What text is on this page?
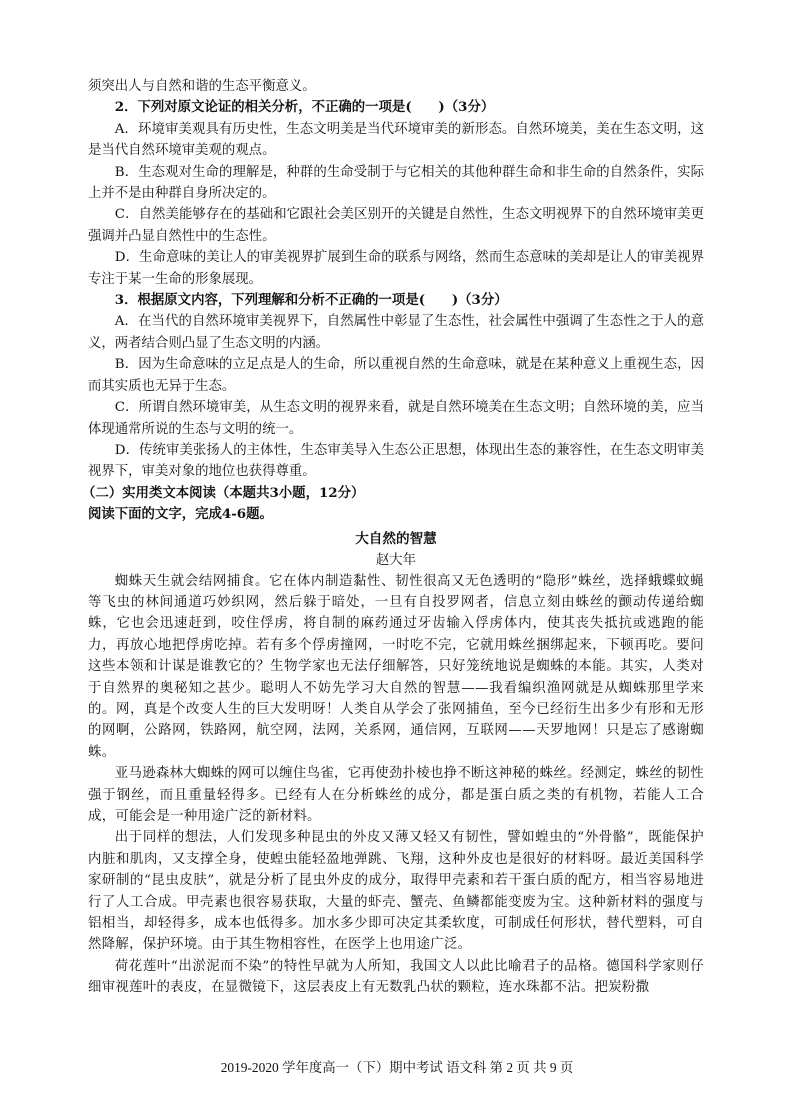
须突出人与自然和谐的生态平衡意义。

2．下列对原文论证的相关分析，不正确的一项是(　　)（3分）

A．环境审美观具有历史性，生态文明美是当代环境审美的新形态。自然环境美，美在生态文明，这是当代自然环境审美观的观点。

B．生态观对生命的理解是，种群的生命受制于与它相关的其他种群生命和非生命的自然条件，实际上并不是由种群自身所决定的。

C．自然美能够存在的基础和它跟社会美区别开的关键是自然性，生态文明视界下的自然环境审美更强调并凸显自然性中的生态性。

D．生命意味的美让人的审美视界扩展到生命的联系与网络，然而生态意味的美却是让人的审美视界专注于某一生命的形象展现。

3．根据原文内容，下列理解和分析不正确的一项是(　　)（3分）

A．在当代的自然环境审美视界下，自然属性中彰显了生态性，社会属性中强调了生态性之于人的意义，两者结合则凸显了生态文明的内涵。

B．因为生命意味的立足点是人的生命，所以重视自然的生命意味，就是在某种意义上重视生态，因而其实质也无异于生态。

C．所谓自然环境审美，从生态文明的视界来看，就是自然环境美在生态文明；自然环境的美，应当体现通常所说的生态与文明的统一。

D．传统审美张扬人的主体性，生态审美导入生态公正思想，体现出生态的兼容性，在生态文明审美视界下，审美对象的地位也获得尊重。

（二）实用类文本阅读（本题共3小题，12分）

阅读下面的文字，完成4-6题。

大自然的智慧

赵大年

蜘蛛天生就会结网捕食。它在体内制造黏性、韧性很高又无色透明的“隐形”蛛丝，选择蛾蝶蚊蝇等飞虫的林间通道巧妙织网，然后躲于暗处，一旦有自投罗网者，信息立刻由蛛丝的颤动传递给蜘蛛，它也会迅速赶到，咬住俘虏，将自制的麻药通过牙齿输入俘虏体内，使其丧失抵抗或逃跑的能力，再放心地把俘虏吃掉。若有多个俘虏撞网，一时吃不完，它就用蛛丝捆绑起来，下顿再吃。要问这些本领和计谋是谁教它的？生物学家也无法仔细解答，只好笼统地说是蜘蛛的本能。其实，人类对于自然界的奥秘知之甚少。聪明人不妨先学习大自然的智慧——我看编织渔网就是从蜘蛛那里学来的。网，真是个改变人生的巨大发明呀！人类自从学会了张网捕鱼，至今已经衍生出多少有形和无形的网啊，公路网，铁路网，航空网，法网，关系网，通信网，互联网——天罗地网！只是忘了感谢蜘蛛。

亚马逊森林大蜘蛛的网可以缠住鸟雀，它再使劲扑棱也挣不断这神秘的蛛丝。经测定，蛛丝的韧性强于钢丝，而且重量轻得多。已经有人在分析蛛丝的成分，都是蛋白质之类的有机物，若能人工合成，可能会是一种用途广泛的新材料。

出于同样的想法，人们发现多种昆虫的外皮又薄又轻又有韧性，譬如蝗虫的“外骨骼”，既能保护内脏和肌肉，又支撑全身，使蝗虫能轻盈地弹跳、飞翔，这种外皮也是很好的材料呀。最近美国科学家研制的“昆虫皮肤”，就是分析了昆虫外皮的成分，取得甲壳素和若干蛋白质的配方，相当容易地进行了人工合成。甲壳素也很容易获取，大量的虾壳、蟹壳、鱼鳞都能变废为宝。这种新材料的强度与铝相当，却轻得多，成本也低得多。加水多少即可决定其柔软度，可制成任何形状，替代塑料，可自然降解，保护环境。由于其生物相容性，在医学上也用途广泛。

荷花莲叶“出淤泥而不染”的特性早就为人所知，我国文人以此比喻君子的品格。德国科学家则仔细审视莲叶的表皮，在显微镜下，这层表皮上有无数乳凸状的颗粒，连水珠都不沾。把炭粉撒

2019-2020 学年度高一（下）期中考试 语文科 第 2 页 共 9 页
